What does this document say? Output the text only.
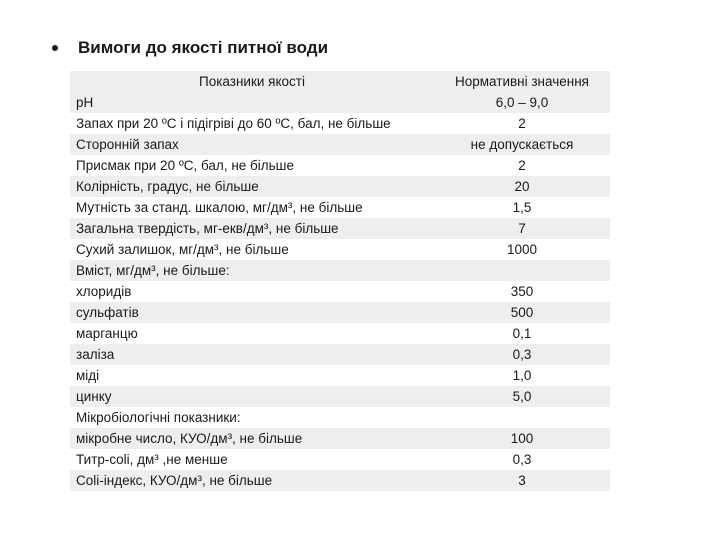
Вимоги до якості питної води
Показники якості	Нормативні значення
pH	6,0 – 9,0
Запах при 20 ºС і підігріві до 60 ºС, бал, не більше	2
Сторонній запах	не допускається
Присмак при 20 ºС, бал, не більше	2
Колірність, градус, не більше	20
Мутність за станд. шкалою, мг/дм³, не більше	1,5
Загальна твердість, мг-екв/дм³, не більше	7
Сухий залишок, мг/дм³, не більше	1000
Вміст, мг/дм³, не більше:	
хлоридів	350
сульфатів	500
марганцю	0,1
заліза	0,3
міді	1,0
цинку	5,0
Мікробіологічні показники:	
мікробне число, КУО/дм³, не більше	100
Титр-coli, дм³ ,не менше	0,3
Coli-індекс, КУО/дм³, не більше	3
